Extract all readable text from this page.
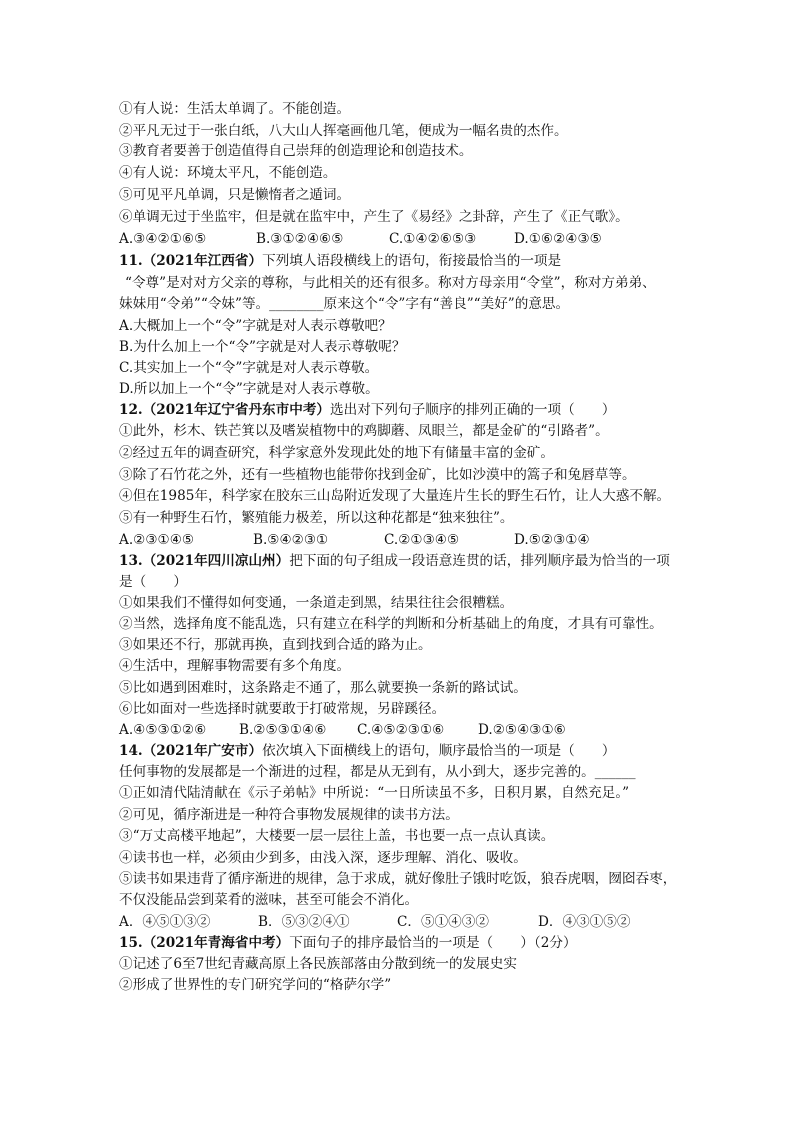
①有人说：生活太单调了。不能创造。
②平凡无过于一张白纸，八大山人挥毫画他几笔，便成为一幅名贵的杰作。
③教育者要善于创造值得自己崇拜的创造理论和创造技术。
④有人说：环境太平凡，不能创造。
⑤可见平凡单调，只是懒惰者之遁词。
⑥单调无过于坐监牢，但是就在监牢中，产生了《易经》之卦辞，产生了《正气歌》。
A.③④②①⑥⑤	B.③①②④⑥⑤	C.①④②⑥⑤③	D.①⑥②④③⑤
11.（2021年江西省）下列填人语段横线上的语句，衔接最恰当的一项是
“令尊”是对对方父亲的尊称，与此相关的还有很多。称对方母亲用“令堂”，称对方弟弟、
妹妹用“令弟”“令妹”等。________原来这个“令”字有“善良”“美好”的意思。
A.大概加上一个“令”字就是对人表示尊敬吧？
B.为什么加上一个“令”字就是对人表示尊敬呢？
C.其实加上一个“令”字就是对人表示尊敬。
D.所以加上一个“令”字就是对人表示尊敬。
12.（2021年辽宁省丹东市中考）选出对下列句子顺序的排列正确的一项（　　）
①此外，杉木、铁芒箕以及嗜炭植物中的鸡脚蘑、凤眼兰，都是金矿的“引路者”。
②经过五年的调查研究，科学家意外发现此处的地下有储量丰富的金矿。
③除了石竹花之外，还有一些植物也能带你找到金矿，比如沙漠中的篙子和兔唇草等。
④但在1985年，科学家在胶东三山岛附近发现了大量连片生长的野生石竹，让人大惑不解。
⑤有一种野生石竹，繁殖能力极差，所以这种花都是“独来独往”。
A.②③①④⑤	B.⑤④②③①	C.②①③④⑤	D.⑤②③①④
13.（2021年四川凉山州）把下面的句子组成一段语意连贯的话，排列顺序最为恰当的一项
是（　　）
①如果我们不懂得如何变通，一条道走到黑，结果往往会很糟糕。
②当然，选择角度不能乱选，只有建立在科学的判断和分析基础上的角度，才具有可靠性。
③如果还不行，那就再换，直到找到合适的路为止。
④生活中，理解事物需要有多个角度。
⑤比如遇到困难时，这条路走不通了，那么就要换一条新的路试试。
⑥比如面对一些选择时就要敢于打破常规，另辟蹊径。
A.④⑤③①②⑥	B.②⑤③①④⑥	C.④⑤②③①⑥	D.②⑤④③①⑥
14.（2021年广安市）依次填入下面横线上的语句，顺序最恰当的一项是（　　）
任何事物的发展都是一个渐进的过程，都是从无到有，从小到大，逐步完善的。______
①正如清代陆清献在《示子弟帖》中所说：“一日所读虽不多，日积月累，自然充足。”
②可见，循序渐进是一种符合事物发展规律的读书方法。
③“万丈高楼平地起”，大楼要一层一层往上盖，书也要一点一点认真读。
④读书也一样，必须由少到多，由浅入深，逐步理解、消化、吸收。
⑤读书如果违背了循序渐进的规律，急于求成，就好像肚子饿时吃饭，狼吞虎咽，囫囵吞枣，
不仅没能品尝到菜肴的滋味，甚至可能会不消化。
A．④⑤①③②	B．⑤③②④①	C．⑤①④③②	D．④③①⑤②
15.（2021年青海省中考）下面句子的排序最恰当的一项是（　　）（2分）
①记述了6至7世纪青藏高原上各民族部落由分散到统一的发展史实
②形成了世界性的专门研究学问的“格萨尔学”
